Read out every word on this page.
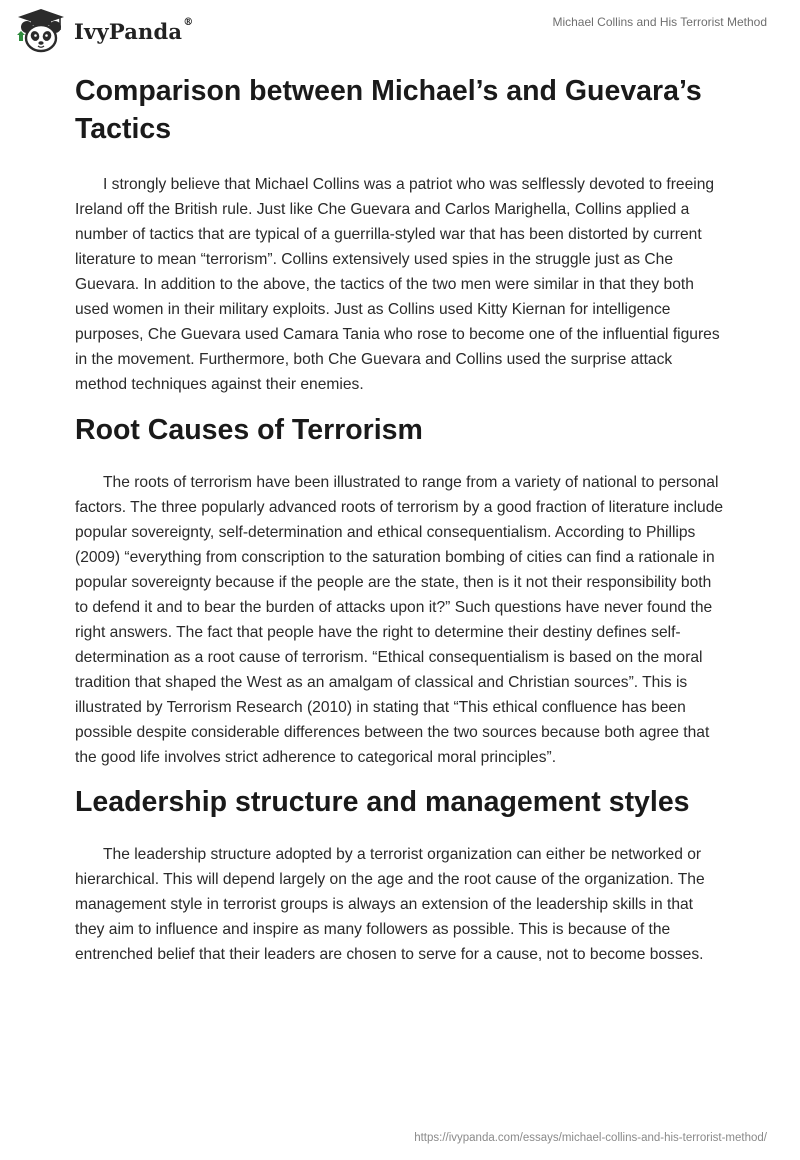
IvyPanda®	Michael Collins and His Terrorist Method
Comparison between Michael’s and Guevara’s Tactics

I strongly believe that Michael Collins was a patriot who was selflessly devoted to freeing Ireland off the British rule. Just like Che Guevara and Carlos Marighella, Collins applied a number of tactics that are typical of a guerrilla-styled war that has been distorted by current literature to mean “terrorism”. Collins extensively used spies in the struggle just as Che Guevara. In addition to the above, the tactics of the two men were similar in that they both used women in their military exploits. Just as Collins used Kitty Kiernan for intelligence purposes, Che Guevara used Camara Tania who rose to become one of the influential figures in the movement. Furthermore, both Che Guevara and Collins used the surprise attack method techniques against their enemies.

Root Causes of Terrorism

The roots of terrorism have been illustrated to range from a variety of national to personal factors. The three popularly advanced roots of terrorism by a good fraction of literature include popular sovereignty, self-determination and ethical consequentialism. According to Phillips (2009) “everything from conscription to the saturation bombing of cities can find a rationale in popular sovereignty because if the people are the state, then is it not their responsibility both to defend it and to bear the burden of attacks upon it?” Such questions have never found the right answers. The fact that people have the right to determine their destiny defines self-determination as a root cause of terrorism. “Ethical consequentialism is based on the moral tradition that shaped the West as an amalgam of classical and Christian sources”. This is illustrated by Terrorism Research (2010) in stating that “This ethical confluence has been possible despite considerable differences between the two sources because both agree that the good life involves strict adherence to categorical moral principles”.

Leadership structure and management styles

The leadership structure adopted by a terrorist organization can either be networked or hierarchical. This will depend largely on the age and the root cause of the organization. The management style in terrorist groups is always an extension of the leadership skills in that they aim to influence and inspire as many followers as possible. This is because of the entrenched belief that their leaders are chosen to serve for a cause, not to become bosses.

https://ivypanda.com/essays/michael-collins-and-his-terrorist-method/
